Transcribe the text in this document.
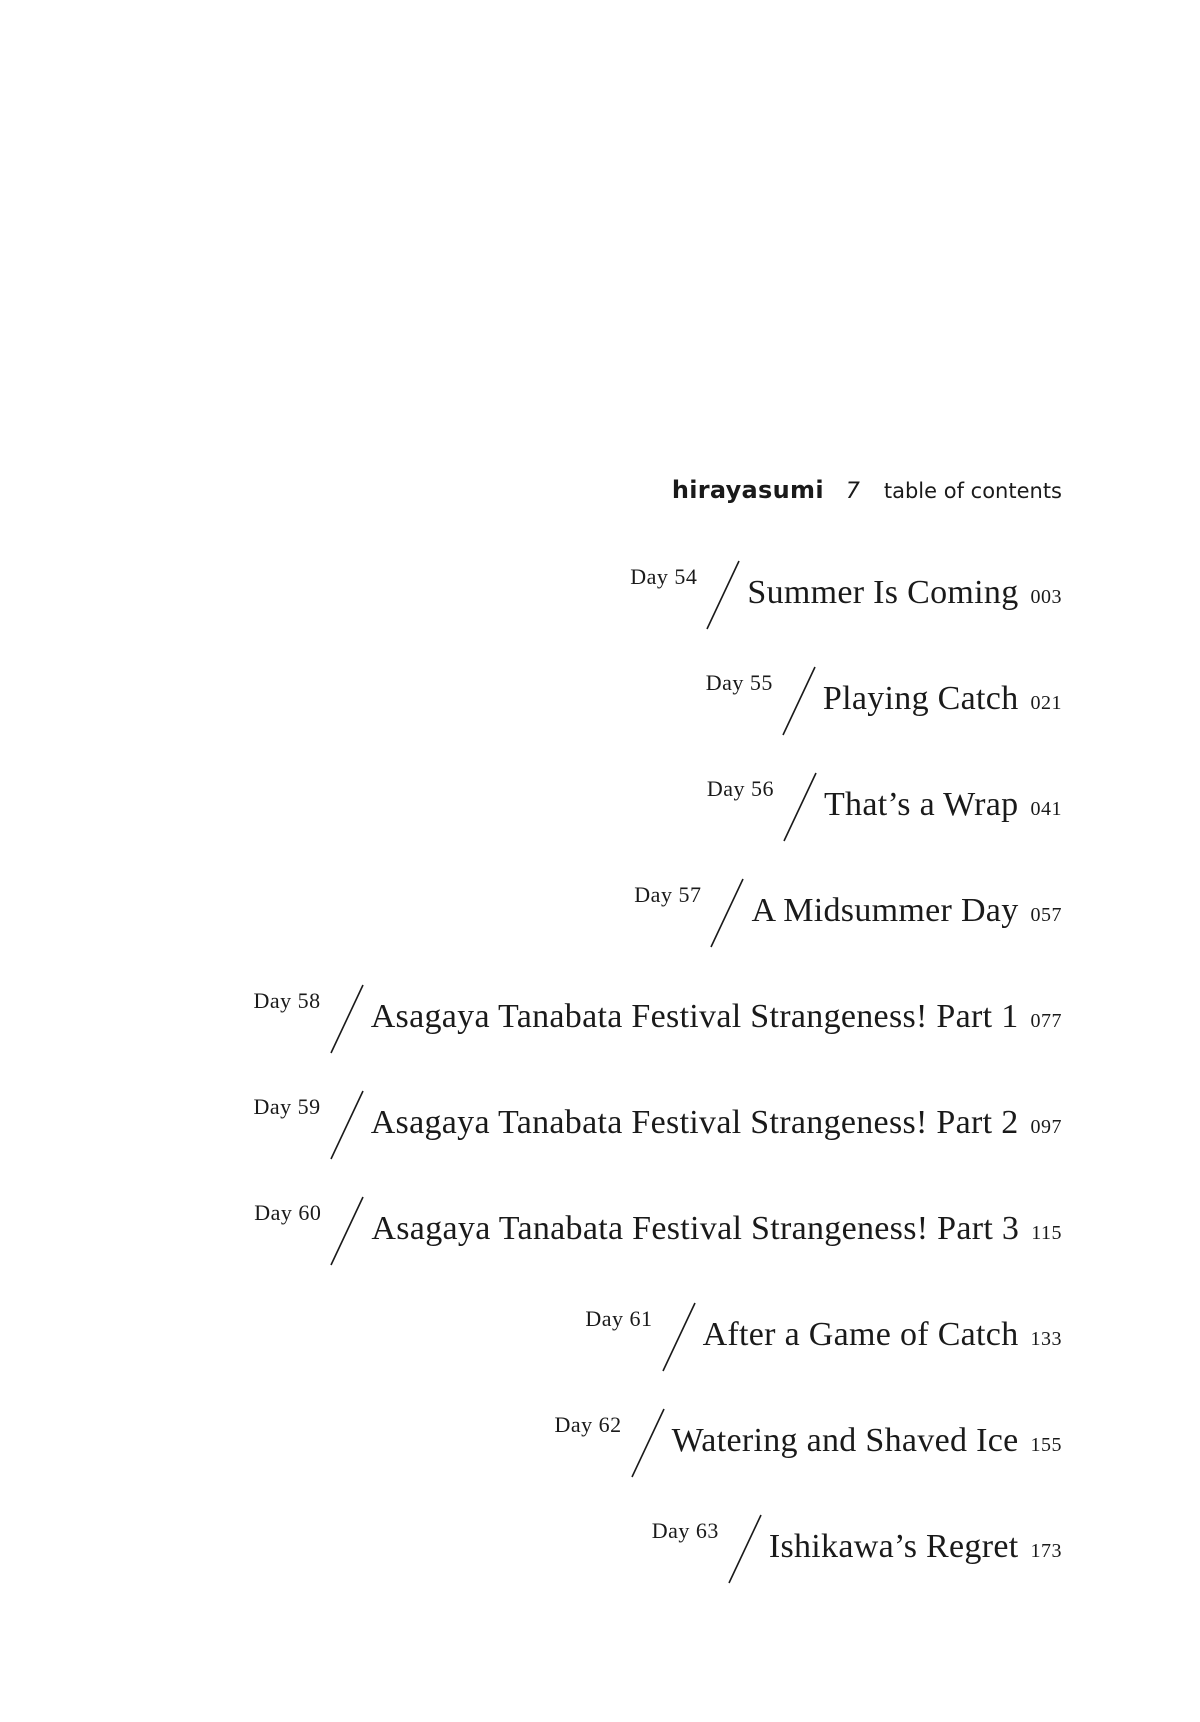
hirayasumi 7 table of contents
Day 54 Summer Is Coming 003
Day 55 Playing Catch 021
Day 56 That’s a Wrap 041
Day 57 A Midsummer Day 057
Day 58 Asagaya Tanabata Festival Strangeness! Part 1 077
Day 59 Asagaya Tanabata Festival Strangeness! Part 2 097
Day 60 Asagaya Tanabata Festival Strangeness! Part 3 115
Day 61 After a Game of Catch 133
Day 62 Watering and Shaved Ice 155
Day 63 Ishikawa’s Regret 173
